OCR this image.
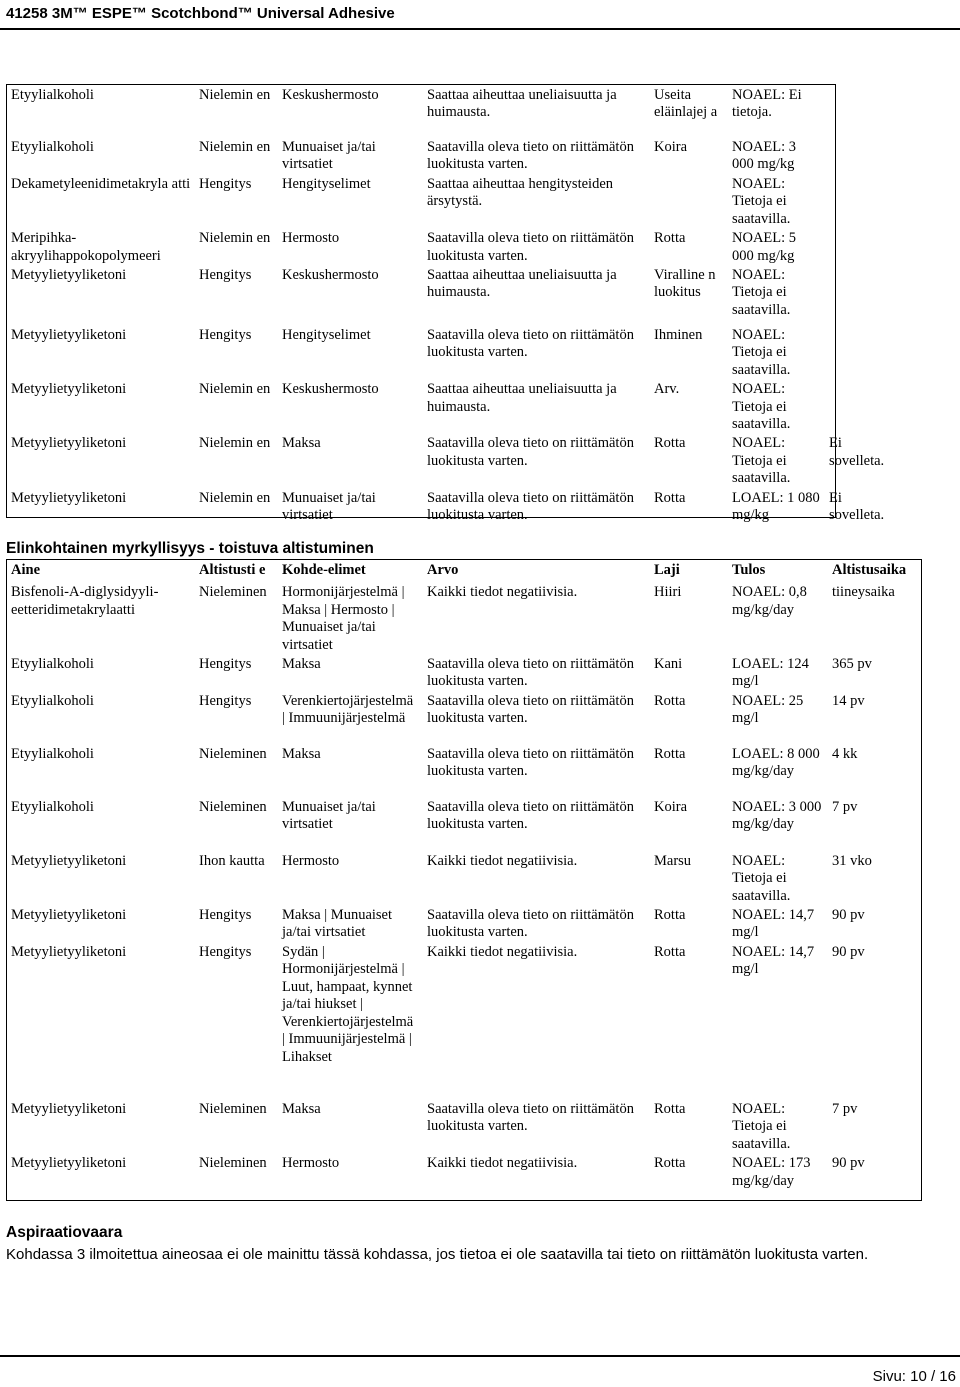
41258 3M™ ESPE™ Scotchbond™ Universal Adhesive
Etyylialkoholi	Nielemin en	Keskushermosto	Saattaa aiheuttaa uneliaisuutta ja huimausta.	Useita eläinlajej a	NOAEL: Ei tietoja.	
Etyylialkoholi	Nielemin en	Munuaiset ja/tai virtsatiet	Saatavilla oleva tieto on riittämätön luokitusta varten.	Koira	NOAEL: 3 000 mg/kg	
Dekametyleenidimetakryla atti	Hengitys	Hengityselimet	Saattaa aiheuttaa hengitysteiden ärsytystä.		NOAEL: Tietoja ei saatavilla.	
Meripihka-akryylihappokopolymeeri	Nielemin en	Hermosto	Saatavilla oleva tieto on riittämätön luokitusta varten.	Rotta	NOAEL: 5 000 mg/kg	
Metyylietyyliketoni	Hengitys	Keskushermosto	Saattaa aiheuttaa uneliaisuutta ja huimausta.	Viralline n luokitus	NOAEL: Tietoja ei saatavilla.	
Metyylietyyliketoni	Hengitys	Hengityselimet	Saatavilla oleva tieto on riittämätön luokitusta varten.	Ihminen	NOAEL: Tietoja ei saatavilla.	
Metyylietyyliketoni	Nielemin en	Keskushermosto	Saattaa aiheuttaa uneliaisuutta ja huimausta.	Arv.	NOAEL: Tietoja ei saatavilla.	
Metyylietyyliketoni	Nielemin en	Maksa	Saatavilla oleva tieto on riittämätön luokitusta varten.	Rotta	NOAEL: Tietoja ei saatavilla.	Ei sovelleta.
Metyylietyyliketoni	Nielemin en	Munuaiset ja/tai virtsatiet	Saatavilla oleva tieto on riittämätön luokitusta varten.	Rotta	LOAEL: 1 080 mg/kg	Ei sovelleta.
Elinkohtainen myrkyllisyys - toistuva altistuminen
Aine	Altistusti e	Kohde-elimet	Arvo	Laji	Tulos	Altistusaika
Bisfenoli-A-diglysidyyli-eetteridimetakrylaatti	Nieleminen	Hormonijärjestelmä | Maksa | Hermosto | Munuaiset ja/tai virtsatiet	Kaikki tiedot negatiivisia.	Hiiri	NOAEL: 0,8 mg/kg/day	tiineysaika
Etyylialkoholi	Hengitys	Maksa	Saatavilla oleva tieto on riittämätön luokitusta varten.	Kani	LOAEL: 124 mg/l	365 pv
Etyylialkoholi	Hengitys	Verenkiertojärjestelmä | Immuunijärjestelmä	Saatavilla oleva tieto on riittämätön luokitusta varten.	Rotta	NOAEL: 25 mg/l	14 pv
Etyylialkoholi	Nieleminen	Maksa	Saatavilla oleva tieto on riittämätön luokitusta varten.	Rotta	LOAEL: 8 000 mg/kg/day	4 kk
Etyylialkoholi	Nieleminen	Munuaiset ja/tai virtsatiet	Saatavilla oleva tieto on riittämätön luokitusta varten.	Koira	NOAEL: 3 000 mg/kg/day	7 pv
Metyylietyyliketoni	Ihon kautta	Hermosto	Kaikki tiedot negatiivisia.	Marsu	NOAEL: Tietoja ei saatavilla.	31 vko
Metyylietyyliketoni	Hengitys	Maksa | Munuaiset ja/tai virtsatiet	Saatavilla oleva tieto on riittämätön luokitusta varten.	Rotta	NOAEL: 14,7 mg/l	90 pv
Metyylietyyliketoni	Hengitys	Sydän | Hormonijärjestelmä | Luut, hampaat, kynnet ja/tai hiukset | Verenkiertojärjestelmä | Immuunijärjestelmä | Lihakset	Kaikki tiedot negatiivisia.	Rotta	NOAEL: 14,7 mg/l	90 pv
Metyylietyyliketoni	Nieleminen	Maksa	Saatavilla oleva tieto on riittämätön luokitusta varten.	Rotta	NOAEL: Tietoja ei saatavilla.	7 pv
Metyylietyyliketoni	Nieleminen	Hermosto	Kaikki tiedot negatiivisia.	Rotta	NOAEL: 173 mg/kg/day	90 pv
Aspiraatiovaara
Kohdassa 3 ilmoitettua aineosaa ei ole mainittu tässä kohdassa, jos tietoa ei ole saatavilla tai tieto on riittämätön luokitusta varten.
Sivu: 10 / 16
